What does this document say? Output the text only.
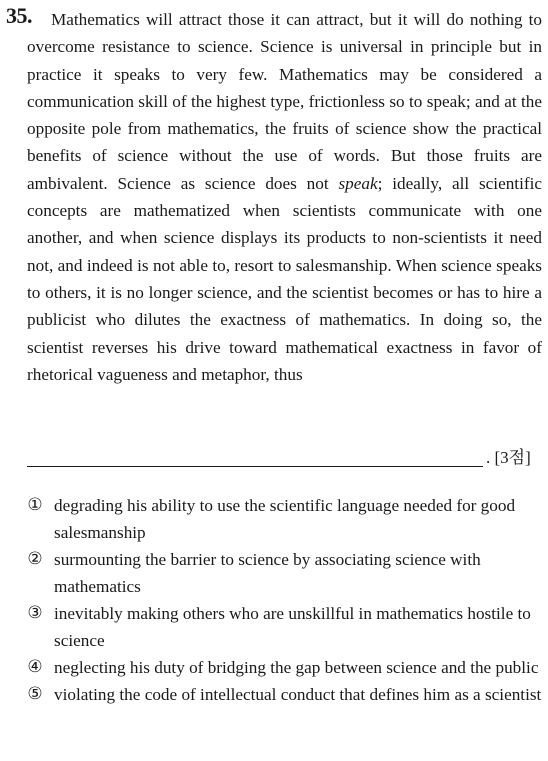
35.	Mathematics will attract those it can attract, but it will do nothing to overcome resistance to science. Science is universal in principle but in practice it speaks to very few. Mathematics may be considered a communication skill of the highest type, frictionless so to speak; and at the opposite pole from mathematics, the fruits of science show the practical benefits of science without the use of words. But those fruits are ambivalent. Science as science does not speak; ideally, all scientific concepts are mathematized when scientists communicate with one another, and when science displays its products to non-scientists it need not, and indeed is not able to, resort to salesmanship. When science speaks to others, it is no longer science, and the scientist becomes or has to hire a publicist who dilutes the exactness of mathematics. In doing so, the scientist reverses his drive toward mathematical exactness in favor of rhetorical vagueness and metaphor, thus

. [3점]
① degrading his ability to use the scientific language needed for good salesmanship
② surmounting the barrier to science by associating science with mathematics
③ inevitably making others who are unskillful in mathematics hostile to science
④ neglecting his duty of bridging the gap between science and the public
⑤ violating the code of intellectual conduct that defines him as a scientist
